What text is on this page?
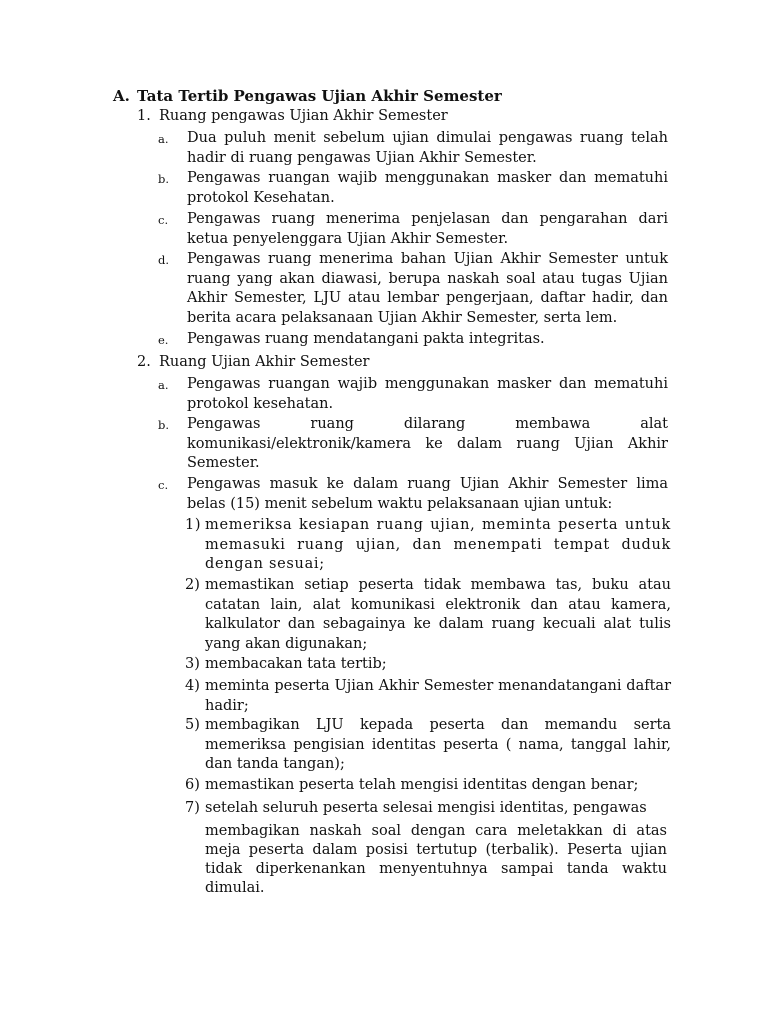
A. Tata Tertib Pengawas Ujian Akhir Semester
1. Ruang pengawas Ujian Akhir Semester
a. Dua puluh menit sebelum ujian dimulai pengawas ruang telah hadir di ruang pengawas Ujian Akhir Semester.
b. Pengawas ruangan wajib menggunakan masker dan mematuhi protokol Kesehatan.
c. Pengawas ruang menerima penjelasan dan pengarahan dari ketua penyelenggara Ujian Akhir Semester.
d. Pengawas ruang menerima bahan Ujian Akhir Semester untuk ruang yang akan diawasi, berupa naskah soal atau tugas Ujian Akhir Semester, LJU atau lembar pengerjaan, daftar hadir, dan berita acara pelaksanaan Ujian Akhir Semester, serta lem.
e. Pengawas ruang mendatangani pakta integritas.
2. Ruang Ujian Akhir Semester
a. Pengawas ruangan wajib menggunakan masker dan mematuhi protokol kesehatan.
b. Pengawas ruang dilarang membawa alat komunikasi/elektronik/kamera ke dalam ruang Ujian Akhir Semester.
c. Pengawas masuk ke dalam ruang Ujian Akhir Semester lima belas (15) menit sebelum waktu pelaksanaan ujian untuk:
1) memeriksa kesiapan ruang ujian, meminta peserta untuk memasuki ruang ujian, dan menempati tempat duduk dengan sesuai;
2) memastikan setiap peserta tidak membawa tas, buku atau catatan lain, alat komunikasi elektronik dan atau kamera, kalkulator dan sebagainya ke dalam ruang kecuali alat tulis yang akan digunakan;
3) membacakan tata tertib;
4) meminta peserta Ujian Akhir Semester menandatangani daftar hadir;
5) membagikan LJU kepada peserta dan memandu serta memeriksa pengisian identitas peserta ( nama, tanggal lahir, dan tanda tangan);
6) memastikan peserta telah mengisi identitas dengan benar;
7) setelah seluruh peserta selesai mengisi identitas, pengawas
membagikan naskah soal dengan cara meletakkan di atas meja peserta dalam posisi tertutup (terbalik). Peserta ujian tidak diperkenankan menyentuhnya sampai tanda waktu dimulai.
